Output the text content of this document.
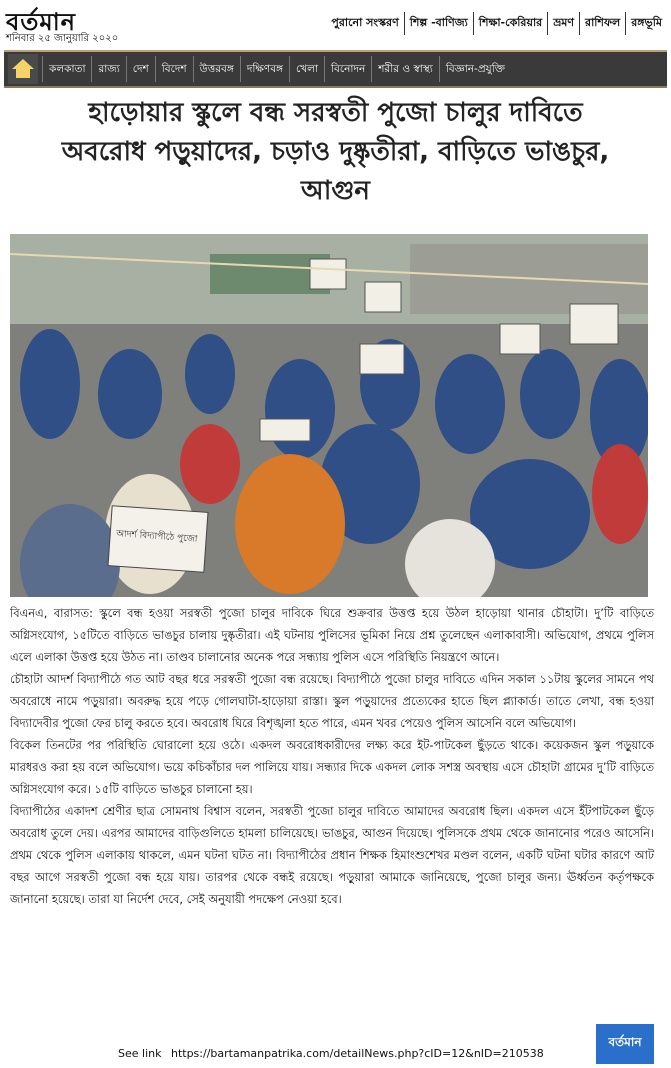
বর্তমান
শনিবার ২৫ জানুয়ারি ২০২০
পুরানো সংস্করণ	শিল্প -বাণিজ্য	শিক্ষা-কেরিয়ার	ভ্রমণ	রাশিফল	রঙ্গভূমি
কলকাতা	রাজ্য	দেশ	বিদেশ	উত্তরবঙ্গ	দক্ষিণবঙ্গ	খেলা	বিনোদন	শরীর ও স্বাস্থ্য	বিজ্ঞান-প্রযুক্তি
হাড়োয়ার স্কুলে বন্ধ সরস্বতী পুজো চালুর দাবিতে
অবরোধ পড়ুয়াদের, চড়াও দুষ্কৃতীরা, বাড়িতে ভাঙচুর,
আগুন
আদর্শ বিদ্যাপীঠে পুজো

বিএনএ, বারাসত: স্কুলে বন্ধ হওয়া সরস্বতী পুজো চালুর দাবিকে ঘিরে শুক্রবার উত্তপ্ত হয়ে উঠল হাড়োয়া থানার চৌহাটা। দু’টি বাড়িতে অগ্নিসংযোগ, ১৫টিতে বাড়িতে ভাঙচুর চালায় দুষ্কৃতীরা। এই ঘটনায় পুলিসের ভূমিকা নিয়ে প্রশ্ন তুলেছেন এলাকাবাসী। অভিযোগ, প্রথমে পুলিস এলে এলাকা উত্তপ্ত হয়ে উঠত না। তাণ্ডব চালানোর অনেক পরে সন্ধ্যায় পুলিস এসে পরিস্থিতি নিয়ন্ত্রণে আনে।

চৌহাটা আদর্শ বিদ্যাপীঠে গত আট বছর ধরে সরস্বতী পুজো বন্ধ রয়েছে। বিদ্যাপীঠে পুজো চালুর দাবিতে এদিন সকাল ১১টায় স্কুলের সামনে পথ অবরোধে নামে পড়ুয়ারা। অবরুদ্ধ হয়ে পড়ে গোলঘাটা-হাড়োয়া রাস্তা। স্কুল পড়ুয়াদের প্রত্যেকের হাতে ছিল প্ল্যাকার্ড। তাতে লেখা, বন্ধ হওয়া বিদ্যাদেবীর পুজো ফের চালু করতে হবে। অবরোধ ঘিরে বিশৃঙ্খলা হতে পারে, এমন খবর পেয়েও পুলিস আসেনি বলে অভিযোগ।

বিকেল তিনটের পর পরিস্থিতি ঘোরালো হয়ে ওঠে। একদল অবরোধকারীদের লক্ষ্য করে ইট-পাটকেল ছুঁড়তে থাকে। কয়েকজন স্কুল পড়ুয়াকে মারধরও করা হয় বলে অভিযোগ। ভয়ে কচিকাঁচার দল পালিয়ে যায়। সন্ধ্যার দিকে একদল লোক সশস্ত্র অবস্থায় এসে চৌহাটা গ্রামের দু’টি বাড়িতে অগ্নিসংযোগ করে। ১৫টি বাড়িতে ভাঙচুর চালানো হয়।

বিদ্যাপীঠের একাদশ শ্রেণীর ছাত্র সোমনাথ বিশ্বাস বলেন, সরস্বতী পুজো চালুর দাবিতে আমাদের অবরোধ ছিল। একদল এসে ইঁটপাটকেল ছুঁড়ে অবরোধ তুলে দেয়। এরপর আমাদের বাড়িগুলিতে হামলা চালিয়েছে। ভাঙচুর, আগুন দিয়েছে। পুলিসকে প্রথম থেকে জানানোর পরেও আসেনি। প্রথম থেকে পুলিস এলাকায় থাকলে, এমন ঘটনা ঘটত না। বিদ্যাপীঠের প্রধান শিক্ষক হিমাংশুশেখর মণ্ডল বলেন, একটি ঘটনা ঘটার কারণে আট বছর আগে সরস্বতী পুজো বন্ধ হয়ে যায়। তারপর থেকে বন্ধই রয়েছে। পড়ুয়ারা আমাকে জানিয়েছে, পুজো চালুর জন্য। ঊর্ধ্বতন কর্তৃপক্ষকে জানানো হয়েছে। তারা যা নির্দেশ দেবে, সেই অনুযায়ী পদক্ষেপ নেওয়া হবে।

See link https://bartamanpatrika.com/detailNews.php?cID=12&nID=210538
বর্তমান
